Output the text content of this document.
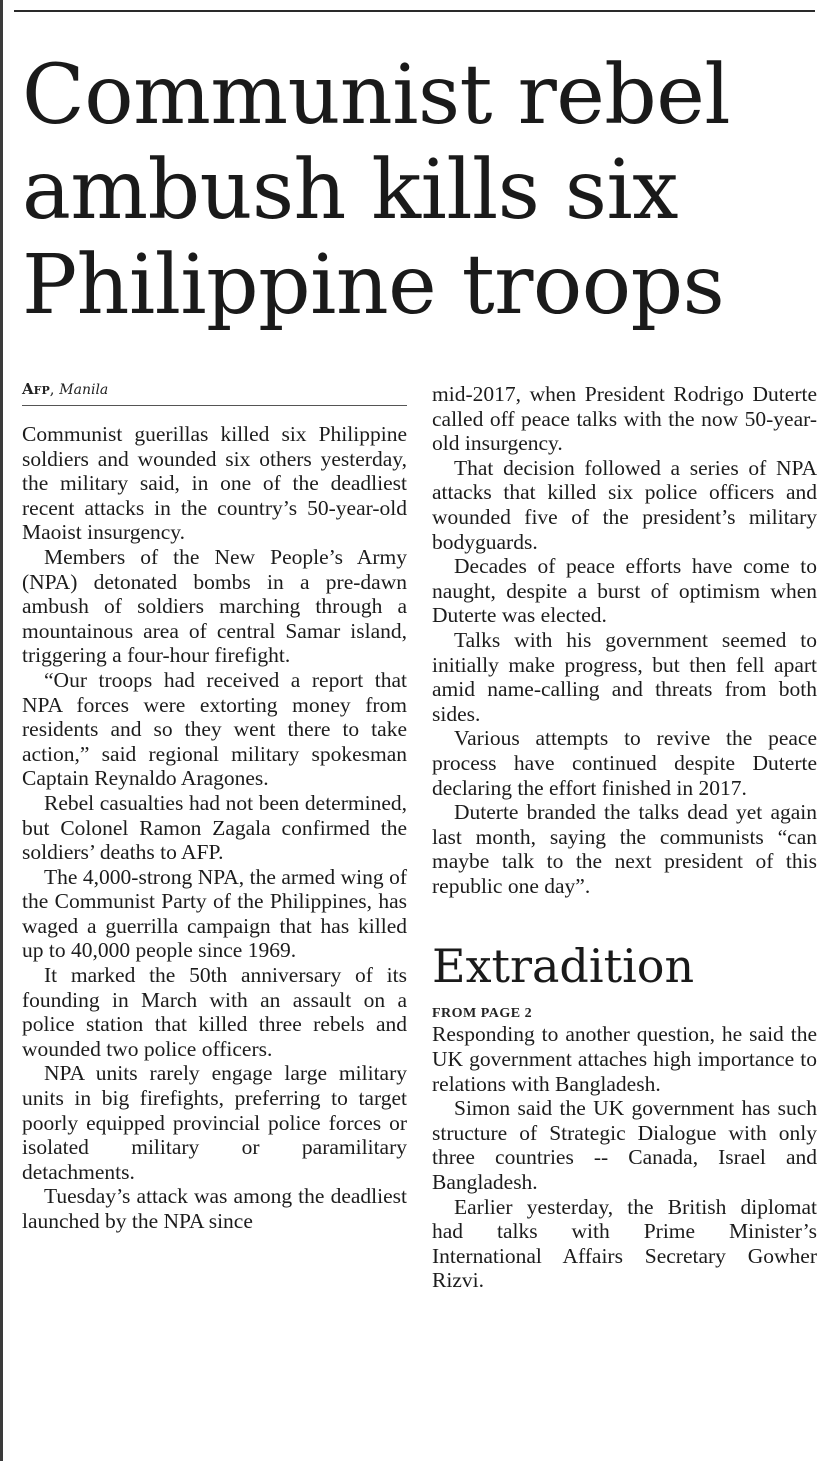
Communist rebel ambush kills six Philippine troops
Afp, Manila

Communist guerillas killed six Philippine soldiers and wounded six others yesterday, the military said, in one of the deadliest recent attacks in the country’s 50-year-old Maoist insurgency.

Members of the New People’s Army (NPA) detonated bombs in a pre-dawn ambush of soldiers marching through a mountainous area of central Samar island, triggering a four-hour firefight.

“Our troops had received a report that NPA forces were extorting money from residents and so they went there to take action,” said regional military spokesman Captain Reynaldo Aragones.

Rebel casualties had not been determined, but Colonel Ramon Zagala confirmed the soldiers’ deaths to AFP.

The 4,000-strong NPA, the armed wing of the Communist Party of the Philippines, has waged a guerrilla campaign that has killed up to 40,000 people since 1969.

It marked the 50th anniversary of its founding in March with an assault on a police station that killed three rebels and wounded two police officers.

NPA units rarely engage large military units in big firefights, preferring to target poorly equipped provincial police forces or isolated military or paramilitary detachments.

Tuesday’s attack was among the deadliest launched by the NPA since

mid-2017, when President Rodrigo Duterte called off peace talks with the now 50-year-old insurgency.

That decision followed a series of NPA attacks that killed six police officers and wounded five of the president’s military bodyguards.

Decades of peace efforts have come to naught, despite a burst of optimism when Duterte was elected.

Talks with his government seemed to initially make progress, but then fell apart amid name-calling and threats from both sides.

Various attempts to revive the peace process have continued despite Duterte declaring the effort finished in 2017.

Duterte branded the talks dead yet again last month, saying the communists “can maybe talk to the next president of this republic one day”.

Extradition

FROM PAGE 2

Responding to another question, he said the UK government attaches high importance to relations with Bangladesh.

Simon said the UK government has such structure of Strategic Dialogue with only three countries -- Canada, Israel and Bangladesh.

Earlier yesterday, the British diplomat had talks with Prime Minister’s International Affairs Secretary Gowher Rizvi.
